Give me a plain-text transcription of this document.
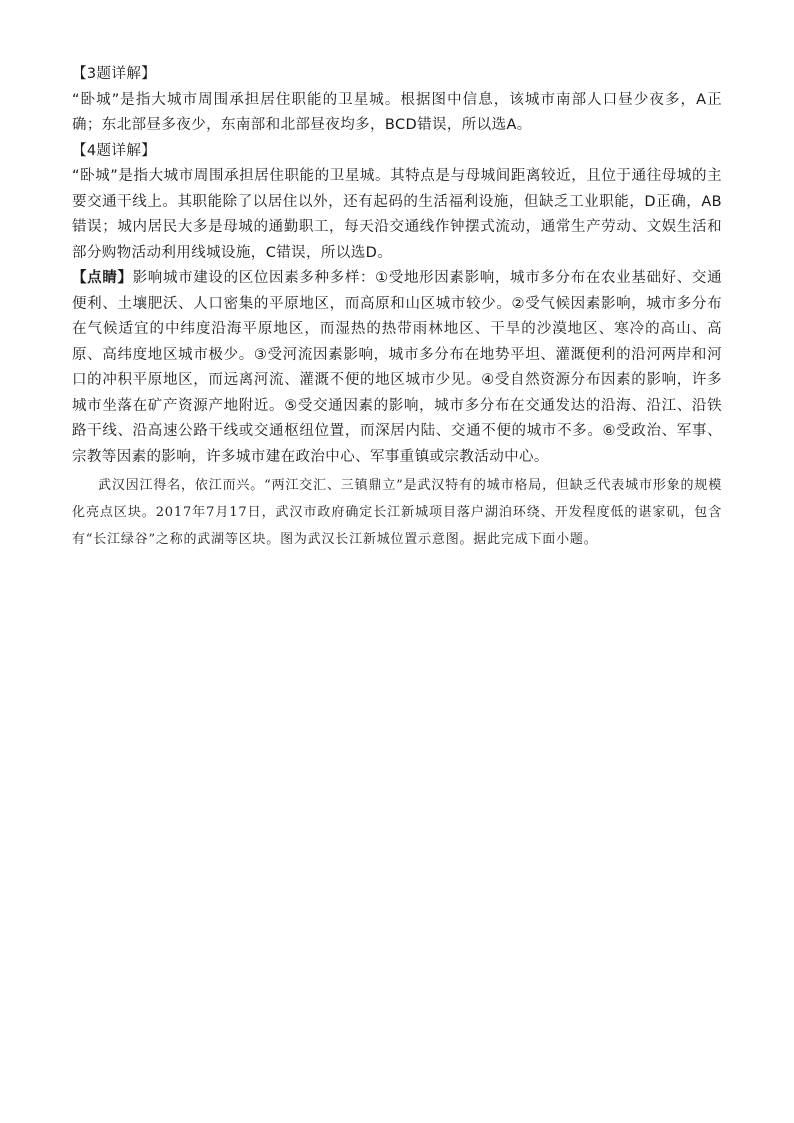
【3题详解】

“卧城”是指大城市周围承担居住职能的卫星城。根据图中信息，该城市南部人口昼少夜多，A正确；东北部昼多夜少，东南部和北部昼夜均多，BCD错误，所以选A。

【4题详解】

“卧城”是指大城市周围承担居住职能的卫星城。其特点是与母城间距离较近，且位于通往母城的主要交通干线上。其职能除了以居住以外，还有起码的生活福利设施，但缺乏工业职能，D正确，AB错误；城内居民大多是母城的通勤职工，每天沿交通线作钟摆式流动，通常生产劳动、文娱生活和部分购物活动利用线城设施，C错误，所以选D。

【点睛】影响城市建设的区位因素多种多样：①受地形因素影响，城市多分布在农业基础好、交通便利、土壤肥沃、人口密集的平原地区，而高原和山区城市较少。②受气候因素影响，城市多分布在气候适宜的中纬度沿海平原地区，而湿热的热带雨林地区、干旱的沙漠地区、寒冷的高山、高原、高纬度地区城市极少。③受河流因素影响，城市多分布在地势平坦、灌溉便利的沿河两岸和河口的冲积平原地区，而远离河流、灌溉不便的地区城市少见。④受自然资源分布因素的影响，许多城市坐落在矿产资源产地附近。⑤受交通因素的影响，城市多分布在交通发达的沿海、沿江、沿铁路干线、沿高速公路干线或交通枢纽位置，而深居内陆、交通不便的城市不多。⑥受政治、军事、宗教等因素的影响，许多城市建在政治中心、军事重镇或宗教活动中心。

武汉因江得名，依江而兴。“两江交汇、三镇鼎立”是武汉特有的城市格局，但缺乏代表城市形象的规模化亮点区块。2017年7月17日，武汉市政府确定长江新城项目落户湖泊环绕、开发程度低的谌家矶，包含有“长江绿谷”之称的武湖等区块。图为武汉长江新城位置示意图。据此完成下面小题。
